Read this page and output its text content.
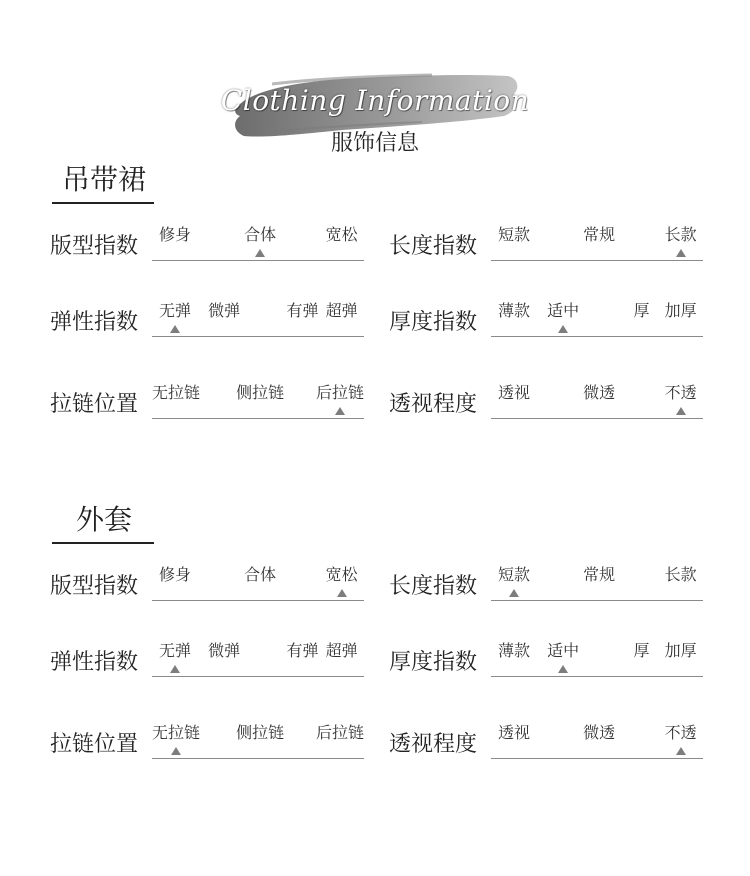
Clothing Information
服饰信息
吊带裙
版型指数 修身	合体	宽松 长度指数 短款	常规	长款
弹性指数 无弹 微弹	有弹 超弹 厚度指数 薄款 适中	厚 加厚
拉链位置 无拉链 侧拉链 后拉链 透视程度 透视	微透	不透
外套
版型指数 修身	合体	宽松 长度指数 短款	常规	长款
弹性指数 无弹 微弹	有弹 超弹 厚度指数 薄款 适中	厚 加厚
拉链位置 无拉链 侧拉链 后拉链 透视程度 透视	微透	不透
